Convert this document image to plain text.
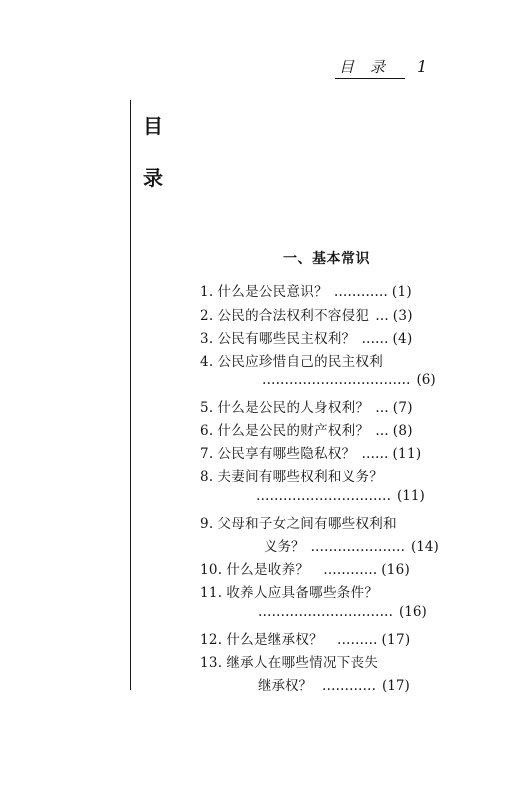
目录 1
目
录
一、基本常识
1. 什么是公民意识？ ………… (1)
2. 公民的合法权利不容侵犯 … (3)
3. 公民有哪些民主权利？ …… (4)
4. 公民应珍惜自己的民主权利
…………………………… (6)
5. 什么是公民的人身权利？ … (7)
6. 什么是公民的财产权利？ … (8)
7. 公民享有哪些隐私权？ …… (11)
8. 夫妻间有哪些权利和义务？
………………………… (11)
9. 父母和子女之间有哪些权利和
义务？ ………………… (14)
10. 什么是收养？ ………… (16)
11. 收养人应具备哪些条件？
………………………… (16)
12. 什么是继承权？ ……… (17)
13. 继承人在哪些情况下丧失
继承权？ ………… (17)
